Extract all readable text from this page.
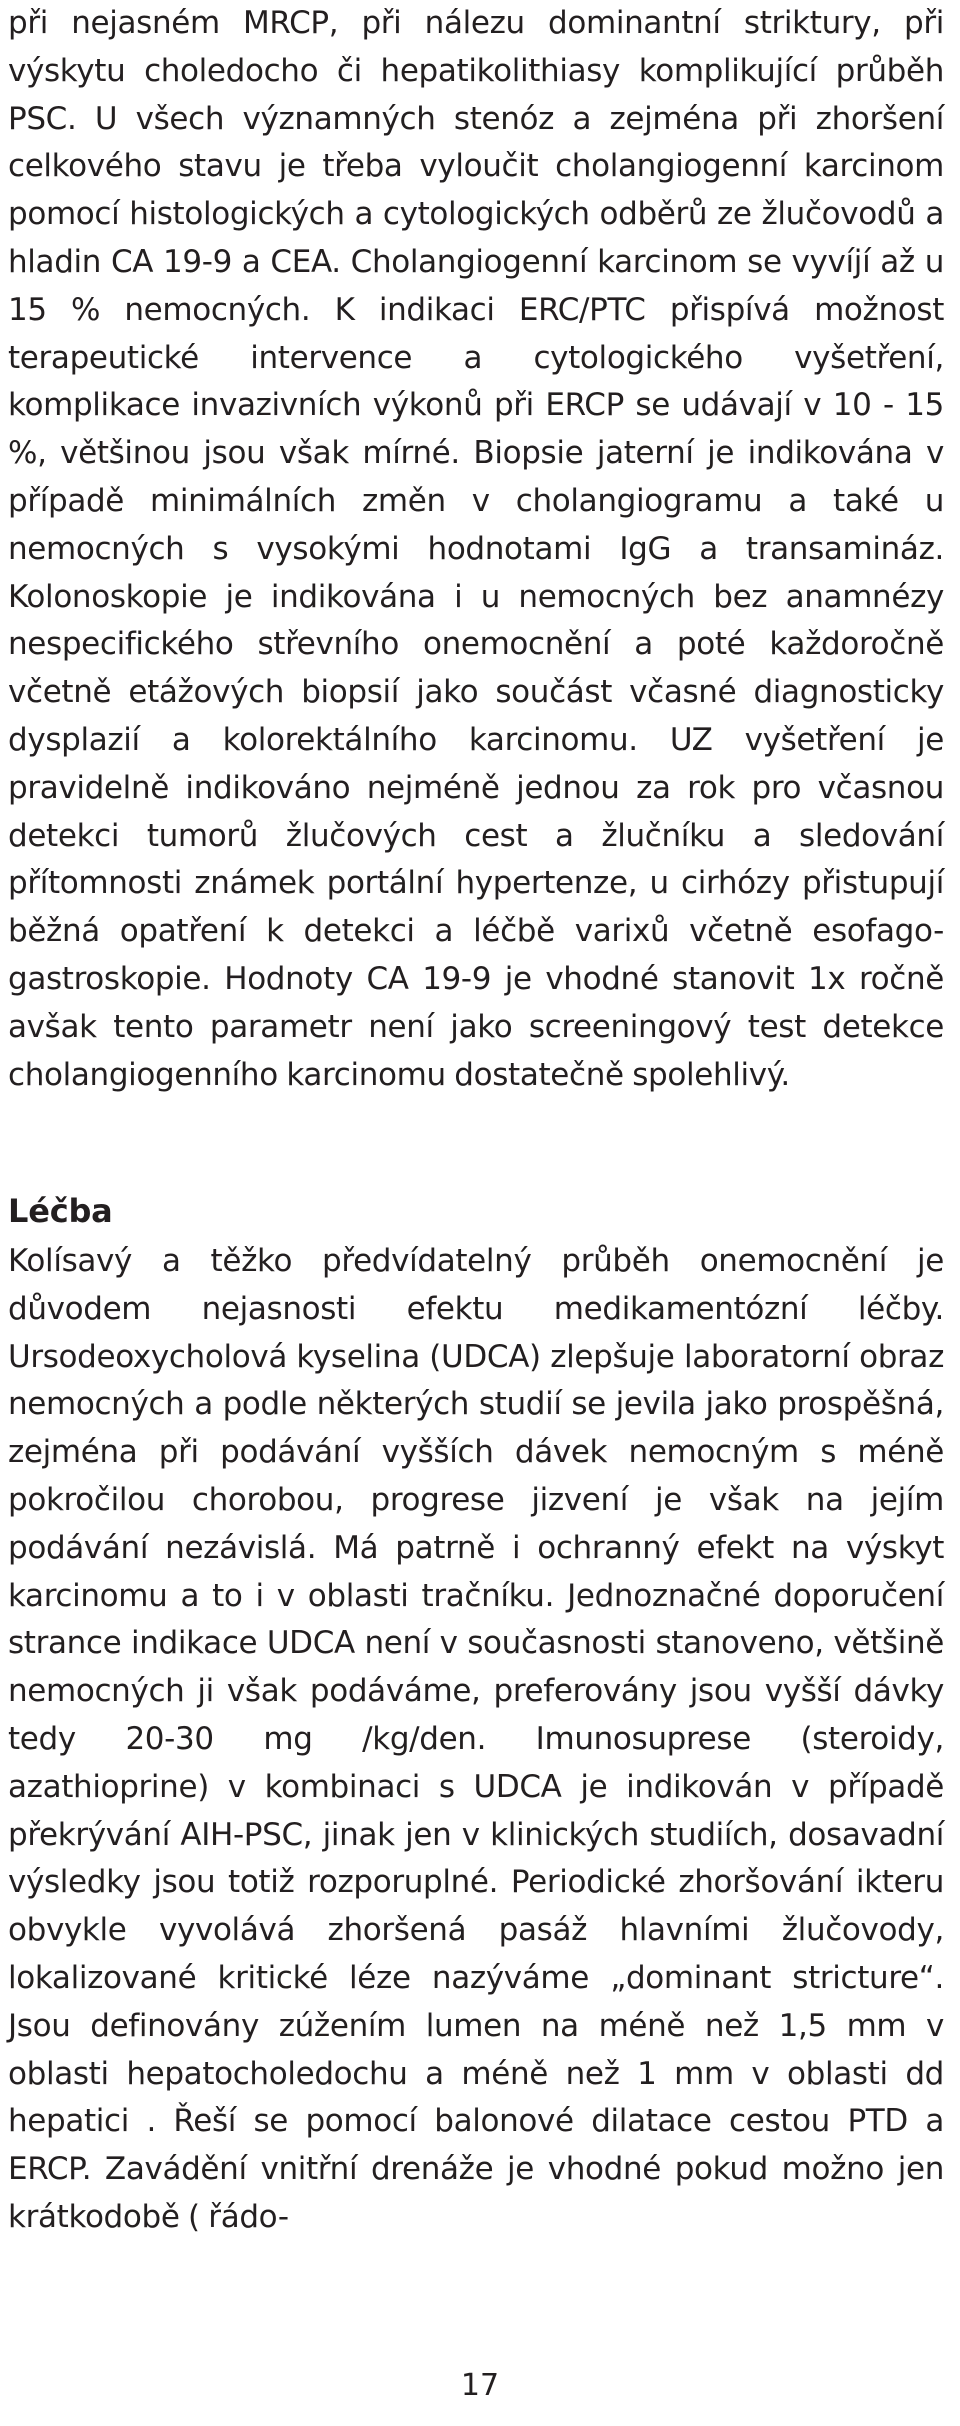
při nejasném MRCP, při nálezu dominantní striktury, při výskytu choledocho či hepatikolithiasy komplikující průběh PSC. U všech významných stenóz a zejména při zhoršení celkového stavu je třeba vyloučit cholangiogenní karcinom pomocí histologických a cytologických odběrů ze žlučovodů a hladin CA 19-9 a CEA. Cholangiogenní karcinom se vyvíjí až u 15 % nemocných. K indikaci ERC/PTC přispívá možnost terapeutické intervence a cytologického vyšetření, komplikace invazivních výkonů při ERCP se udávají v 10 - 15 %, většinou jsou však mírné. Biopsie jaterní je indikována v případě minimálních změn v cholangiogramu a také u nemocných s vysokými hodnotami IgG a transamináz. Kolonoskopie je indikována i u nemocných bez anamnézy nespecifického střevního onemocnění a poté každoročně včetně etážových biopsií jako součást včasné diagnosticky dysplazií a kolorektálního karcinomu. UZ vyšetření je pravidelně indikováno nejméně jednou za rok pro včasnou detekci tumorů žlučových cest a žlučníku a sledování přítomnosti známek portální hypertenze, u cirhózy přistupují běžná opatření k detekci a léčbě varixů včetně esofago-gastroskopie. Hodnoty CA 19-9 je vhodné stanovit 1x ročně avšak tento parametr není jako screeningový test detekce cholangiogenního karcinomu dostatečně spolehlivý.

Léčba

Kolísavý a těžko předvídatelný průběh onemocnění je důvodem nejasnosti efektu medikamentózní léčby. Ursodeoxycholová kyselina (UDCA) zlepšuje laboratorní obraz nemocných a podle některých studií se jevila jako prospěšná, zejména při podávání vyšších dávek nemocným s méně pokročilou chorobou, progrese jizvení je však na jejím podávání nezávislá. Má patrně i ochranný efekt na výskyt karcinomu a to i v oblasti tračníku. Jednoznačné doporučení strance indikace UDCA není v současnosti stanoveno, většině nemocných ji však podáváme, preferovány jsou vyšší dávky tedy 20-30 mg /kg/den. Imunosuprese (steroidy, azathioprine) v kombinaci s UDCA je indikován v případě překrývání AIH-PSC, jinak jen v klinických studiích, dosavadní výsledky jsou totiž rozporuplné. Periodické zhoršování ikteru obvykle vyvolává zhoršená pasáž hlavními žlučovody, lokalizované kritické léze nazýváme „dominant stricture“. Jsou definovány zúžením lumen na méně než 1,5 mm v oblasti hepatocholedochu a méně než 1 mm v oblasti dd hepatici . Řeší se pomocí balonové dilatace cestou PTD a ERCP. Zavádění vnitřní drenáže je vhodné pokud možno jen krátkodobě ( řádo-

17
